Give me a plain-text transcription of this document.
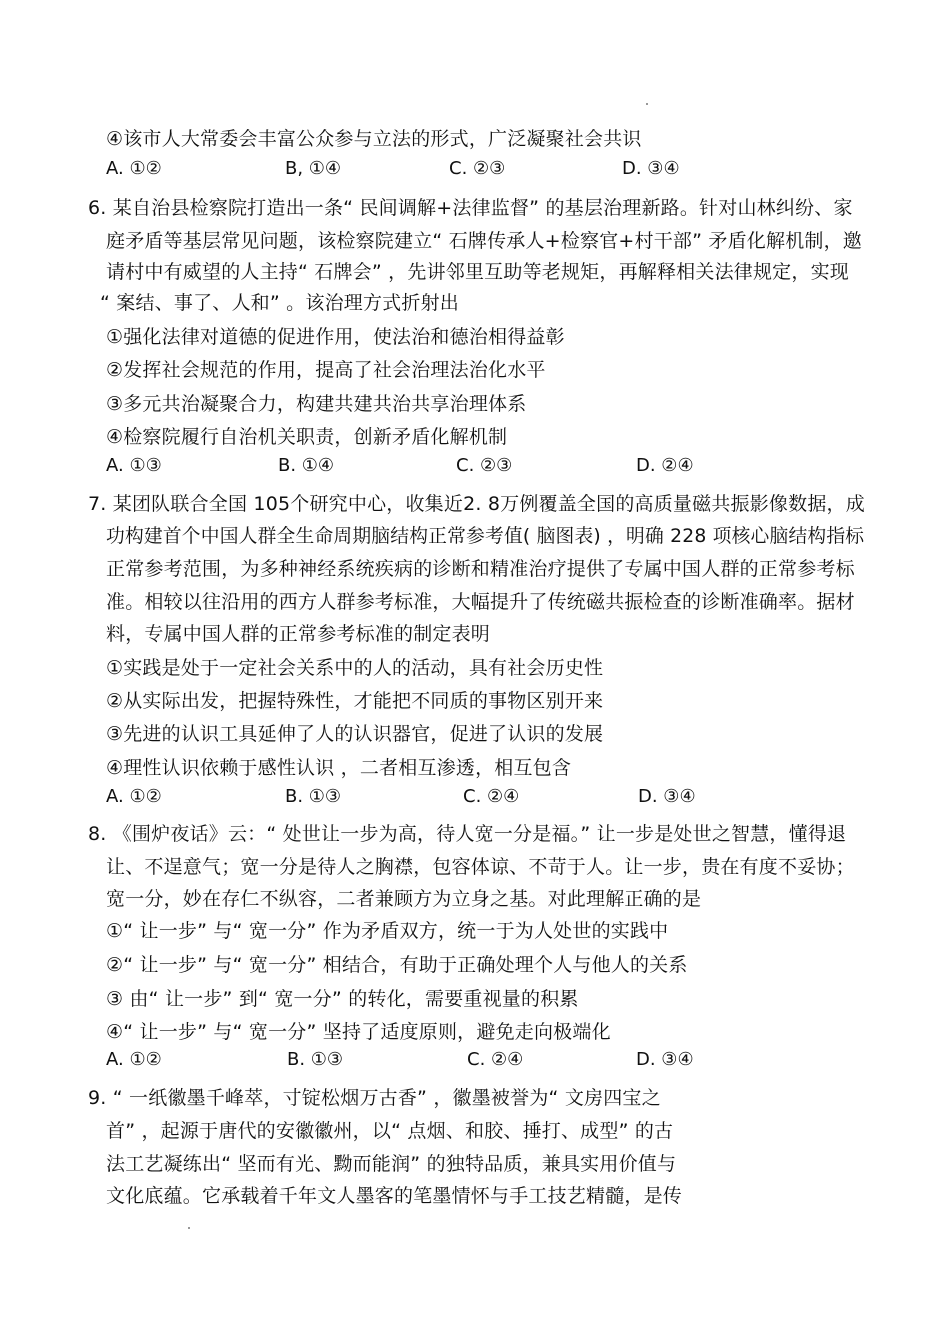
④该市人大常委会丰富公众参与立法的形式，广泛凝聚社会共识
A. ①②	B, ①④	C. ②③	D. ③④
6. 某自治县检察院打造出一条“ 民间调解+法律监督” 的基层治理新路。针对山林纠纷、家
庭矛盾等基层常见问题，该检察院建立“ 石牌传承人+检察官+村干部” 矛盾化解机制，邀
请村中有威望的人主持“ 石牌会” ，先讲邻里互助等老规矩，再解释相关法律规定，实现
“ 案结、事了、人和” 。该治理方式折射出
①强化法律对道德的促进作用，使法治和德治相得益彰
②发挥社会规范的作用，提高了社会治理法治化水平
③多元共治凝聚合力，构建共建共治共享治理体系
④检察院履行自治机关职责，创新矛盾化解机制
A. ①③	B. ①④	C. ②③	D. ②④
7. 某团队联合全国 105个研究中心，收集近2. 8万例覆盖全国的高质量磁共振影像数据，成
功构建首个中国人群全生命周期脑结构正常参考值( 脑图表) ，明确 228 项核心脑结构指标
正常参考范围，为多种神经系统疾病的诊断和精准治疗提供了专属中国人群的正常参考标
准。相较以往沿用的西方人群参考标准，大幅提升了传统磁共振检查的诊断准确率。据材
料，专属中国人群的正常参考标准的制定表明
①实践是处于一定社会关系中的人的活动，具有社会历史性
②从实际出发，把握特殊性，才能把不同质的事物区别开来
③先进的认识工具延伸了人的认识器官，促进了认识的发展
④理性认识依赖于感性认识 ，二者相互渗透，相互包含
A. ①②	B. ①③	C. ②④	D. ③④
8. 《围炉夜话》云：“ 处世让一步为高，待人宽一分是福。” 让一步是处世之智慧，懂得退
让、不逞意气；宽一分是待人之胸襟，包容体谅、不苛于人。让一步，贵在有度不妥协；
宽一分，妙在存仁不纵容，二者兼顾方为立身之基。对此理解正确的是
①“ 让一步” 与“ 宽一分” 作为矛盾双方，统一于为人处世的实践中
②“ 让一步” 与“ 宽一分” 相结合，有助于正确处理个人与他人的关系
③ 由“ 让一步” 到“ 宽一分” 的转化，需要重视量的积累
④“ 让一步” 与“ 宽一分” 坚持了适度原则，避免走向极端化
A. ①②	B. ①③	C. ②④	D. ③④
9. “ 一纸徽墨千峰萃，寸锭松烟万古香” ，徽墨被誉为“ 文房四宝之
首” ，起源于唐代的安徽徽州，以“ 点烟、和胶、捶打、成型” 的古
法工艺凝练出“ 坚而有光、黝而能润” 的独特品质，兼具实用价值与
文化底蕴。它承载着千年文人墨客的笔墨情怀与手工技艺精髓，是传
